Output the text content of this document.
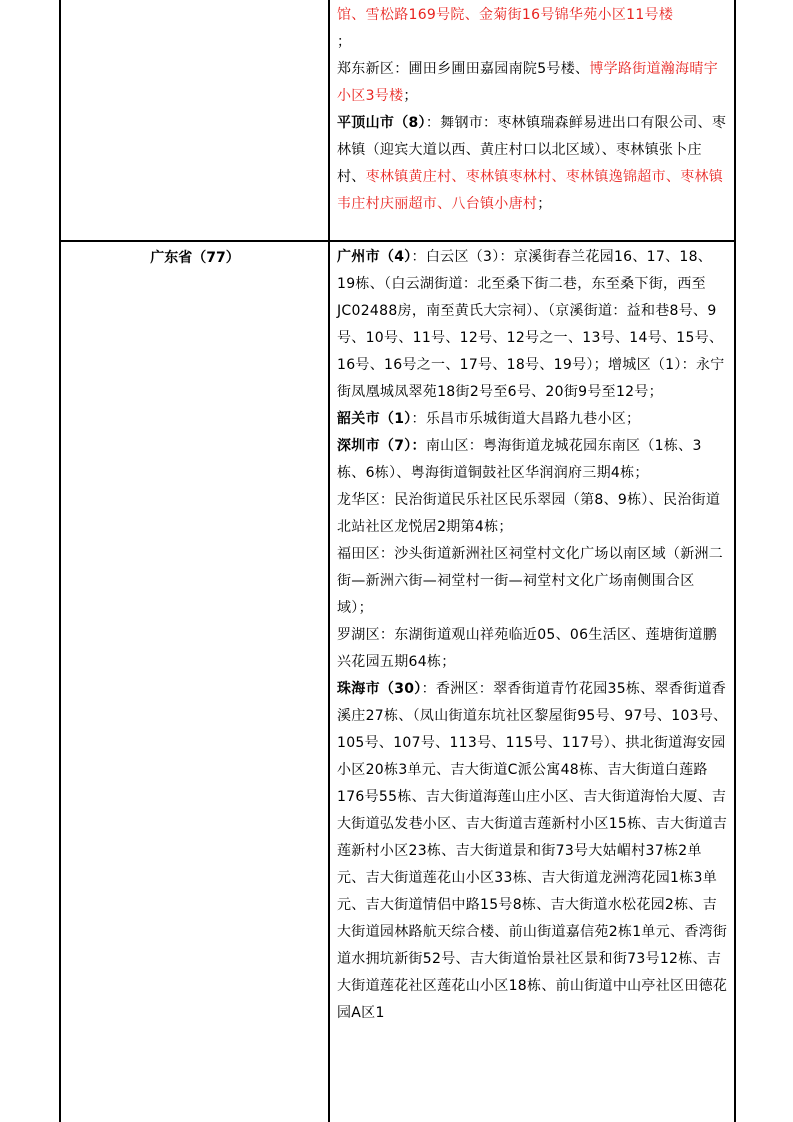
馆、雪松路169号院、金菊街16号锦华苑小区11号楼

；

郑东新区：圃田乡圃田嘉园南院5号楼、博学路街道瀚海晴宇小区3号楼；

平顶山市（8）：舞钢市：枣林镇瑞森鲜易进出口有限公司、枣林镇（迎宾大道以西、黄庄村口以北区域）、枣林镇张卜庄村、枣林镇黄庄村、枣林镇枣林村、枣林镇逸锦超市、枣林镇韦庄村庆丽超市、八台镇小唐村；

广东省（77）	广州市（4）：白云区（3）：京溪街春兰花园16、17、18、19栋、（白云湖街道：北至桑下街二巷，东至桑下街，西至JC02488房，南至黄氏大宗祠）、（京溪街道：益和巷8号、9号、10号、11号、12号、12号之一、13号、14号、15号、16号、16号之一、17号、18号、19号）；增城区（1）：永宁街凤凰城凤翠苑18街2号至6号、20街9号至12号；

韶关市（1）：乐昌市乐城街道大昌路九巷小区；

深圳市（7）：南山区：粤海街道龙城花园东南区（1栋、3栋、6栋）、粤海街道铜鼓社区华润润府三期4栋；

龙华区：民治街道民乐社区民乐翠园（第8、9栋）、民治街道北站社区龙悦居2期第4栋；

福田区：沙头街道新洲社区祠堂村文化广场以南区域（新洲二街—新洲六街—祠堂村一街—祠堂村文化广场南侧围合区域）；

罗湖区：东湖街道观山祥苑临近05、06生活区、莲塘街道鹏兴花园五期64栋；

珠海市（30）：香洲区：翠香街道青竹花园35栋、翠香街道香溪庄27栋、（凤山街道东坑社区黎屋街95号、97号、103号、105号、107号、113号、115号、117号）、拱北街道海安园小区20栋3单元、吉大街道C派公寓48栋、吉大街道白莲路176号55栋、吉大街道海莲山庄小区、吉大街道海怡大厦、吉大街道弘发巷小区、吉大街道吉莲新村小区15栋、吉大街道吉莲新村小区23栋、吉大街道景和街73号大姑嵋村37栋2单元、吉大街道莲花山小区33栋、吉大街道龙洲湾花园1栋3单元、吉大街道情侣中路15号8栋、吉大街道水松花园2栋、吉大街道园林路航天综合楼、前山街道嘉信苑2栋1单元、香湾街道水拥坑新街52号、吉大街道怡景社区景和街73号12栋、吉大街道莲花社区莲花山小区18栋、前山街道中山亭社区田德花园A区1
